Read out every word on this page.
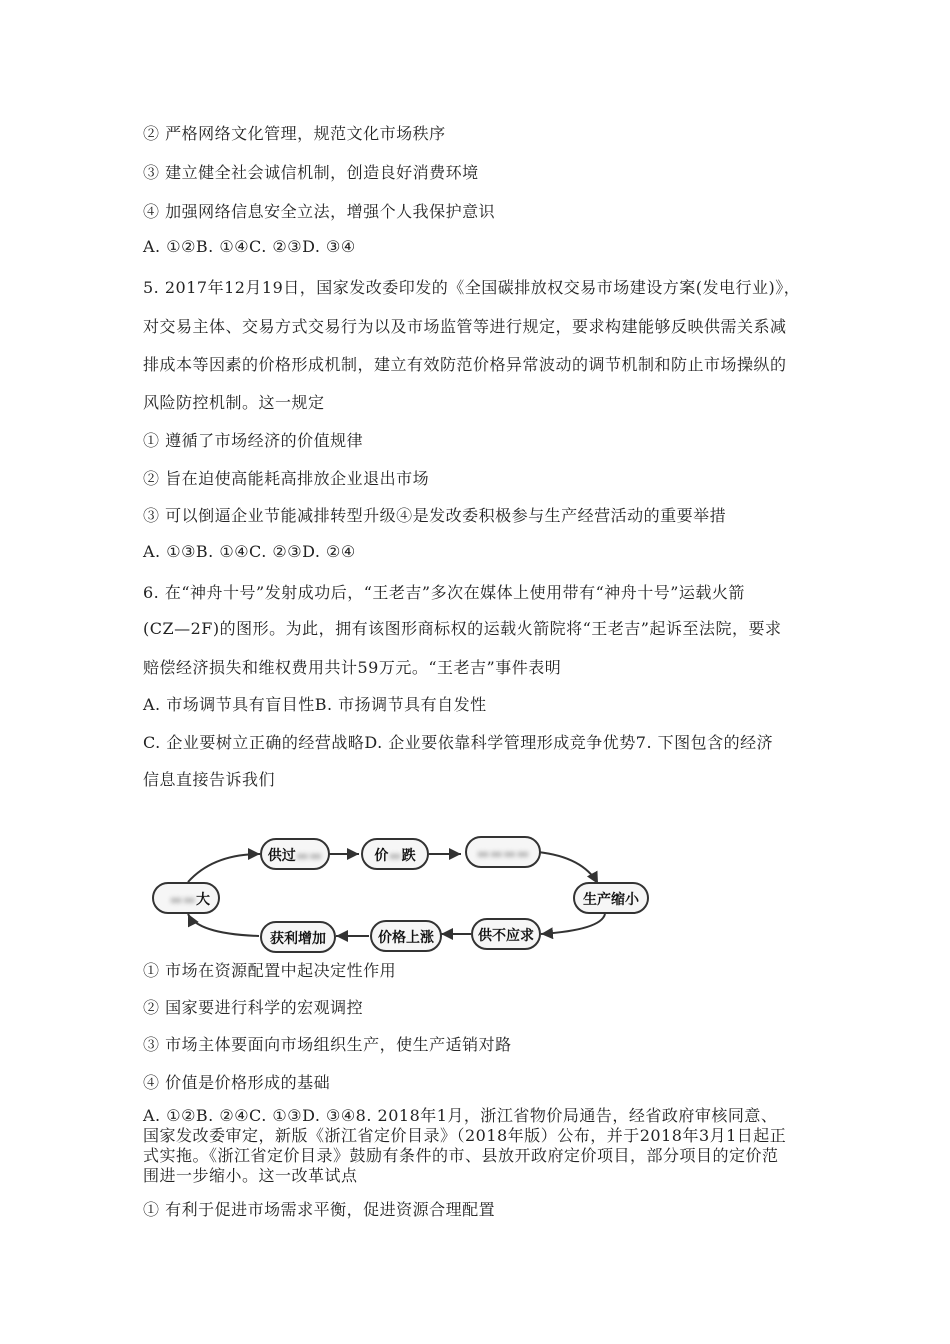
② 严格网络文化管理，规范文化市场秩序
③ 建立健全社会诚信机制，创造良好消费环境
④ 加强网络信息安全立法，增强个人我保护意识
A. ①②B. ①④C. ②③D. ③④
5. 2017年12月19日，国家发改委印发的《全国碳排放权交易市场建设方案(发电行业)》，
对交易主体、交易方式交易行为以及市场监管等进行规定，要求构建能够反映供需关系减
排成本等因素的价格形成机制，建立有效防范价格异常波动的调节机制和防止市场操纵的
风险防控机制。这一规定
① 遵循了市场经济的价值规律
② 旨在迫使高能耗高排放企业退出市场
③ 可以倒逼企业节能减排转型升级④是发改委积极参与生产经营活动的重要举措
A. ①③B. ①④C. ②③D. ②④
6. 在“神舟十号”发射成功后，“王老吉”多次在媒体上使用带有“神舟十号”运载火箭
(CZ—2F)的图形。为此，拥有该图形商标权的运载火箭院将“王老吉”起诉至法院，要求
赔偿经济损失和维权费用共计59万元。“王老吉”事件表明
A. 市场调节具有盲目性B. 市扬调节具有自发性
C. 企业要树立正确的经营战略D. 企业要依靠科学管理形成竞争优势7. 下图包含的经济
信息直接告诉我们
供过▬▬	价▬跌	▬▬▬▬
生产缩小
供不应求
价格上涨
获利增加
▬▬大
① 市场在资源配置中起决定性作用
② 国家要进行科学的宏观调控
③ 市场主体要面向市场组织生产，使生产适销对路
④ 价值是价格形成的基础
A. ①②B. ②④C. ①③D. ③④8. 2018年1月，浙江省物价局通告，经省政府审核同意、
国家发改委审定，新版《浙江省定价目录》（2018年版）公布，并于2018年3月1日起正
式实拖。《浙江省定价目录》鼓励有条件的市、县放开政府定价项目，部分项目的定价范
围进一步缩小。这一改革试点
① 有利于促进市场需求平衡，促进资源合理配置
